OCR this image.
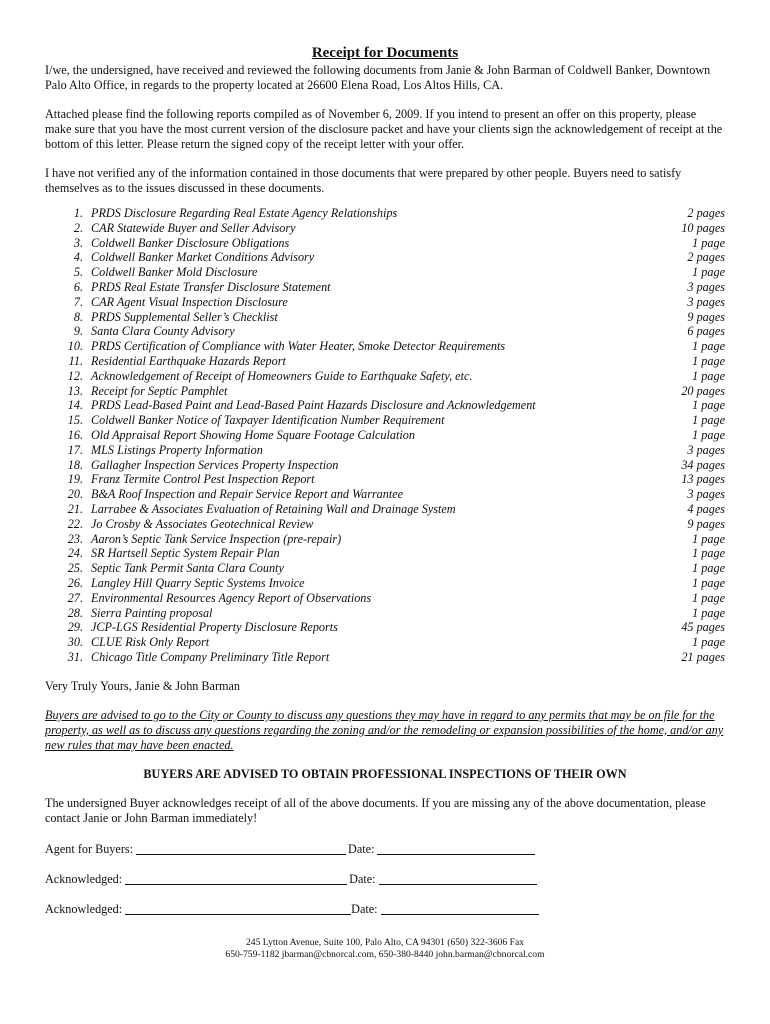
Receipt for Documents

I/we, the undersigned, have received and reviewed the following documents from Janie & John Barman of Coldwell Banker, Downtown Palo Alto Office, in regards to the property located at 26600 Elena Road, Los Altos Hills, CA.

Attached please find the following reports compiled as of November 6, 2009. If you intend to present an offer on this property, please make sure that you have the most current version of the disclosure packet and have your clients sign the acknowledgement of receipt at the bottom of this letter. Please return the signed copy of the receipt letter with your offer.

I have not verified any of the information contained in those documents that were prepared by other people. Buyers need to satisfy themselves as to the issues discussed in these documents.

1. PRDS Disclosure Regarding Real Estate Agency Relationships	2 pages
2. CAR Statewide Buyer and Seller Advisory	10 pages
3. Coldwell Banker Disclosure Obligations	1 page
4. Coldwell Banker Market Conditions Advisory	2 pages
5. Coldwell Banker Mold Disclosure	1 page
6. PRDS Real Estate Transfer Disclosure Statement	3 pages
7. CAR Agent Visual Inspection Disclosure	3 pages
8. PRDS Supplemental Seller’s Checklist	9 pages
9. Santa Clara County Advisory	6 pages
10. PRDS Certification of Compliance with Water Heater, Smoke Detector Requirements	1 page
11. Residential Earthquake Hazards Report	1 page
12. Acknowledgement of Receipt of Homeowners Guide to Earthquake Safety, etc.	1 page
13. Receipt for Septic Pamphlet	20 pages
14. PRDS Lead-Based Paint and Lead-Based Paint Hazards Disclosure and Acknowledgement	1 page
15. Coldwell Banker Notice of Taxpayer Identification Number Requirement	1 page
16. Old Appraisal Report Showing Home Square Footage Calculation	1 page
17. MLS Listings Property Information	3 pages
18. Gallagher Inspection Services Property Inspection	34 pages
19. Franz Termite Control Pest Inspection Report	13 pages
20. B&A Roof Inspection and Repair Service Report and Warrantee	3 pages
21. Larrabee & Associates Evaluation of Retaining Wall and Drainage System	4 pages
22. Jo Crosby & Associates Geotechnical Review	9 pages
23. Aaron’s Septic Tank Service Inspection (pre-repair)	1 page
24. SR Hartsell Septic System Repair Plan	1 page
25. Septic Tank Permit Santa Clara County	1 page
26. Langley Hill Quarry Septic Systems Invoice	1 page
27. Environmental Resources Agency Report of Observations	1 page
28. Sierra Painting proposal	1 page
29. JCP-LGS Residential Property Disclosure Reports	45 pages
30. CLUE Risk Only Report	1 page
31. Chicago Title Company Preliminary Title Report	21 pages

Very Truly Yours, Janie & John Barman

Buyers are advised to go to the City or County to discuss any questions they may have in regard to any permits that may be on file for the property, as well as to discuss any questions regarding the zoning and/or the remodeling or expansion possibilities of the home, and/or any new rules that may have been enacted.

BUYERS ARE ADVISED TO OBTAIN PROFESSIONAL INSPECTIONS OF THEIR OWN

The undersigned Buyer acknowledges receipt of all of the above documents. If you are missing any of the above documentation, please contact Janie or John Barman immediately!

Agent for Buyers:	Date:
Acknowledged:	Date:
Acknowledged:	Date:
245 Lytton Avenue, Suite 100, Palo Alto, CA 94301 (650) 322-3606 Fax
650-759-1182 jbarman@cbnorcal.com, 650-380-8440 john.barman@cbnorcal.com
